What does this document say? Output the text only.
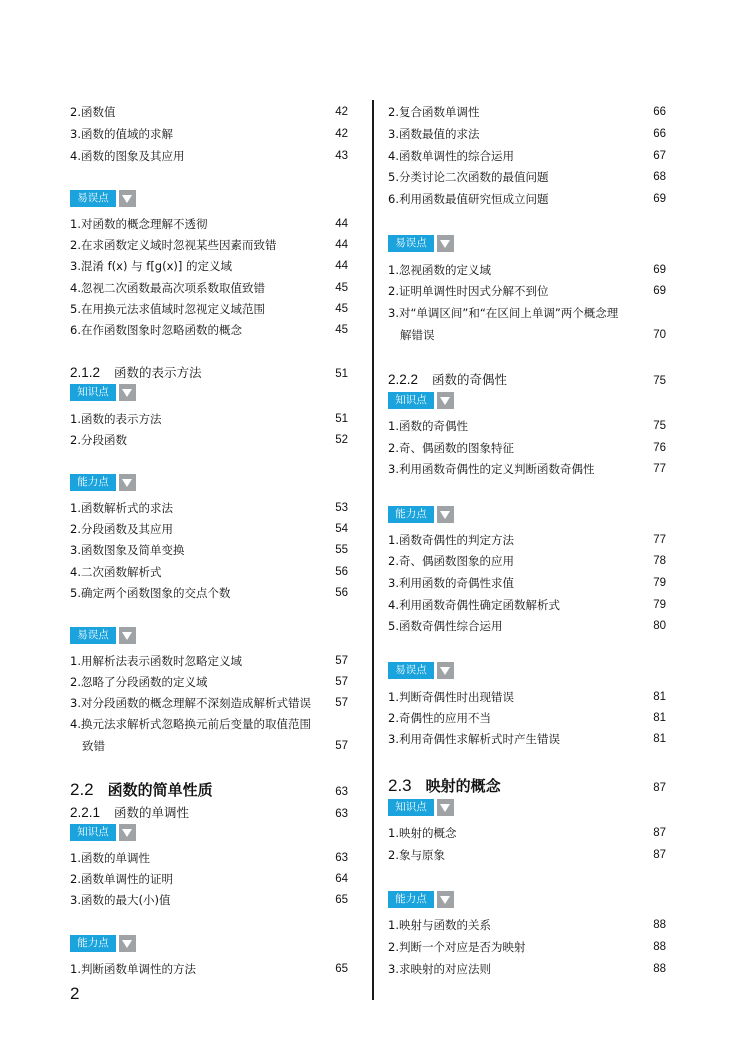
2.函数值	42
3.函数的值域的求解	42
4.函数的图象及其应用	43
易误点
1.对函数的概念理解不透彻	44
2.在求函数定义域时忽视某些因素而致错	44
3.混淆 f(x) 与 f[g(x)] 的定义域	44
4.忽视二次函数最高次项系数取值致错	45
5.在用换元法求值域时忽视定义域范围	45
6.在作函数图象时忽略函数的概念	45
2.1.2 函数的表示方法	51
知识点
1.函数的表示方法	51
2.分段函数	52
能力点
1.函数解析式的求法	53
2.分段函数及其应用	54
3.函数图象及简单变换	55
4.二次函数解析式	56
5.确定两个函数图象的交点个数	56
易误点
1.用解析法表示函数时忽略定义域	57
2.忽略了分段函数的定义域	57
3.对分段函数的概念理解不深刻造成解析式错误 57
4.换元法求解析式忽略换元前后变量的取值范围
致错	57
2.2 函数的简单性质	63
2.2.1 函数的单调性	63
知识点
1.函数的单调性	63
2.函数单调性的证明	64
3.函数的最大(小)值	65
能力点
1.判断函数单调性的方法	65
2.复合函数单调性	66
3.函数最值的求法	66
4.函数单调性的综合运用	67
5.分类讨论二次函数的最值问题	68
6.利用函数最值研究恒成立问题	69
易误点
1.忽视函数的定义域	69
2.证明单调性时因式分解不到位	69
3.对“单调区间”和“在区间上单调”两个概念理
解错误	70
2.2.2 函数的奇偶性	75
知识点
1.函数的奇偶性	75
2.奇、偶函数的图象特征	76
3.利用函数奇偶性的定义判断函数奇偶性	77
能力点
1.函数奇偶性的判定方法	77
2.奇、偶函数图象的应用	78
3.利用函数的奇偶性求值	79
4.利用函数奇偶性确定函数解析式	79
5.函数奇偶性综合运用	80
易误点
1.判断奇偶性时出现错误	81
2.奇偶性的应用不当	81
3.利用奇偶性求解析式时产生错误	81
2.3 映射的概念	87
知识点
1.映射的概念	87
2.象与原象	87
能力点
1.映射与函数的关系	88
2.判断一个对应是否为映射	88
3.求映射的对应法则	88
2
